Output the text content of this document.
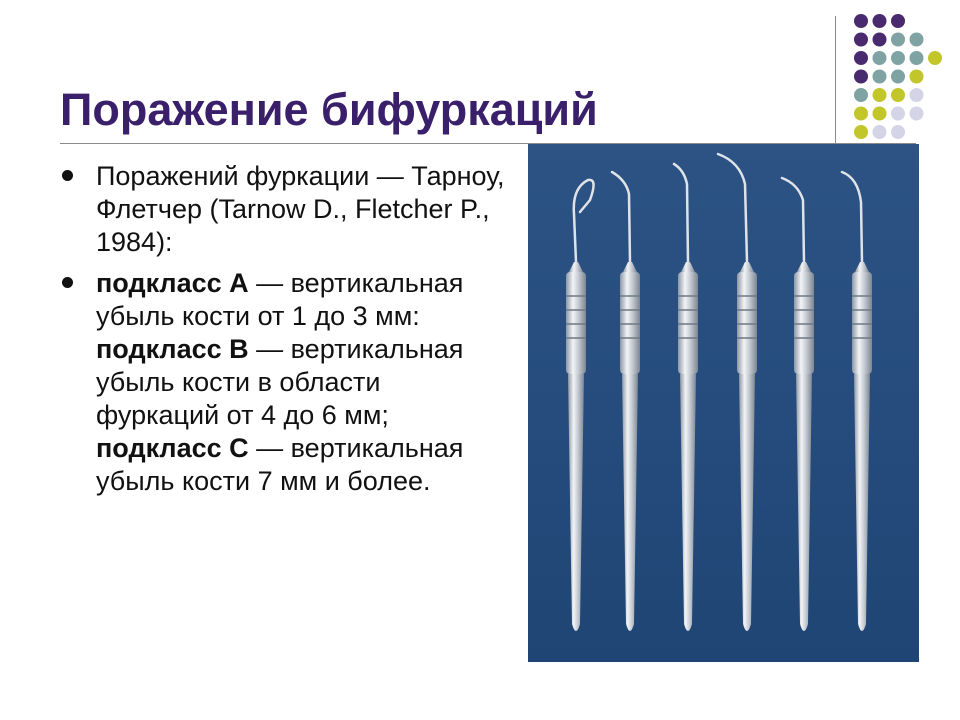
Поражение бифуркаций

Поражений фуркации — Тарноу, Флетчер (Tarnow D., Fletcher P., 1984):

подкласс А — вертикальная убыль кости от 1 до 3 мм:

подкласс В — вертикальная убыль кости в области фуркаций от 4 до 6 мм;

подкласс С — вертикальная убыль кости 7 мм и более.
